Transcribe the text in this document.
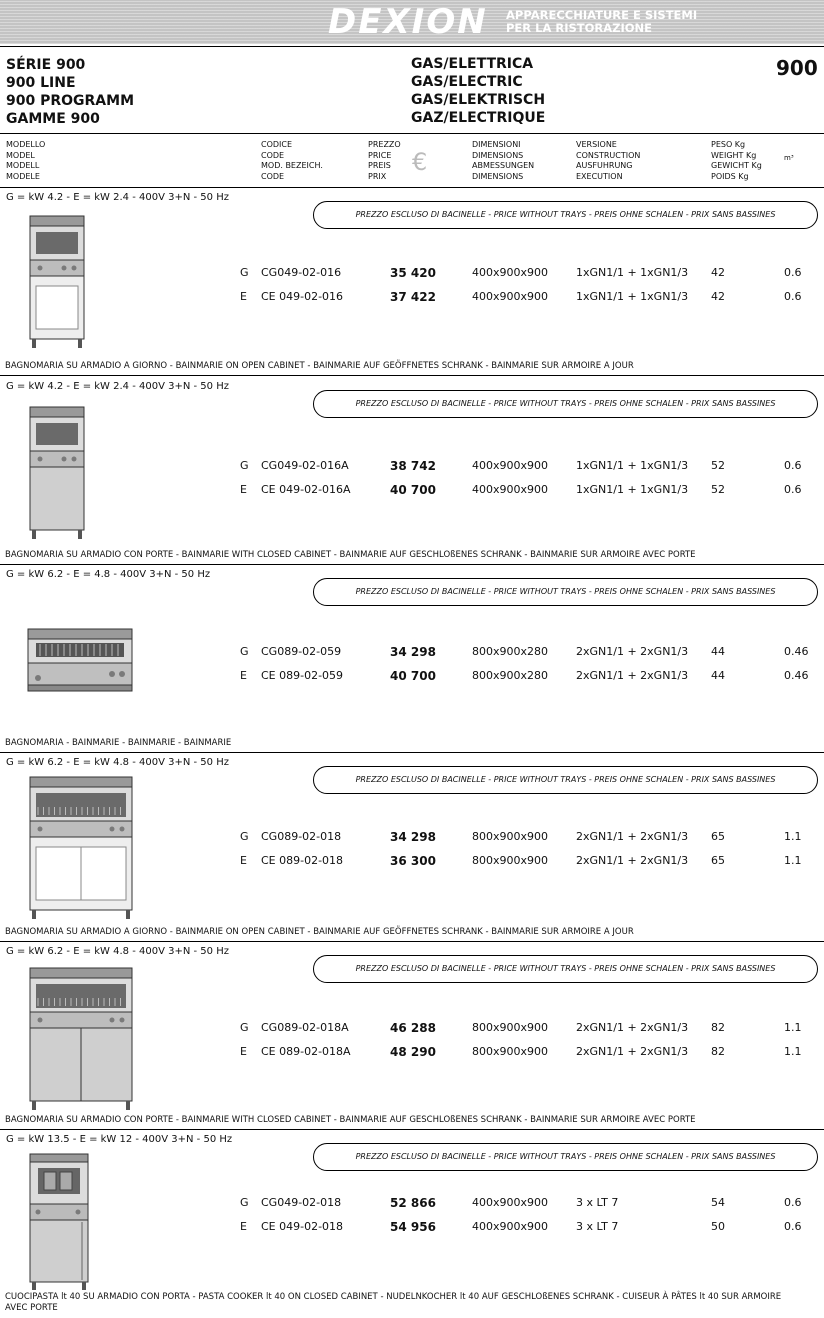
DEXION APPARECCHIATURE E SISTEMI
PER LA RISTORAZIONE
SÉRIE 900
900 LINE
900 PROGRAMM
GAMME 900
GAS/ELETTRICA
GAS/ELECTRIC
GAS/ELEKTRISCH
GAZ/ELECTRIQUE
900
MODELLO
MODEL
MODELL
MODELE
CODICE
CODE
MOD. BEZEICH.
CODE
PREZZO
PRICE
PREIS
PRIX	€
DIMENSIONI
DIMENSIONS
ABMESSUNGEN
DIMENSIONS
VERSIONE
CONSTRUCTION
AUSFUHRUNG
EXECUTION
PESO Kg
WEIGHT Kg
GEWICHT Kg
POIDS Kg
m³
G = kW 4.2 - E = kW 2.4 - 400V 3+N - 50 Hz
PREZZO ESCLUSO DI BACINELLE - PRICE WITHOUT TRAYS - PREIS OHNE SCHALEN - PRIX SANS BASSINES
G CG049-02-016	35 420	400x900x900	1xGN1/1 + 1xGN1/3 42	0.6
E CE 049-02-016	37 422	400x900x900	1xGN1/1 + 1xGN1/3 42	0.6
BAGNOMARIA SU ARMADIO A GIORNO - BAINMARIE ON OPEN CABINET - BAINMARIE AUF GEÖFFNETES SCHRANK - BAINMARIE SUR ARMOIRE A JOUR
G = kW 4.2 - E = kW 2.4 - 400V 3+N - 50 Hz
PREZZO ESCLUSO DI BACINELLE - PRICE WITHOUT TRAYS - PREIS OHNE SCHALEN - PRIX SANS BASSINES
G CG049-02-016A	38 742	400x900x900	1xGN1/1 + 1xGN1/3 52	0.6
E CE 049-02-016A	40 700	400x900x900	1xGN1/1 + 1xGN1/3 52	0.6
BAGNOMARIA SU ARMADIO CON PORTE - BAINMARIE WITH CLOSED CABINET - BAINMARIE AUF GESCHLOßENES SCHRANK - BAINMARIE SUR ARMOIRE AVEC PORTE
G = kW 6.2 - E = 4.8 - 400V 3+N - 50 Hz
PREZZO ESCLUSO DI BACINELLE - PRICE WITHOUT TRAYS - PREIS OHNE SCHALEN - PRIX SANS BASSINES
G CG089-02-059	34 298	800x900x280	2xGN1/1 + 2xGN1/3 44	0.46
E CE 089-02-059	40 700	800x900x280	2xGN1/1 + 2xGN1/3 44	0.46
BAGNOMARIA - BAINMARIE - BAINMARIE - BAINMARIE
G = kW 6.2 - E = kW 4.8 - 400V 3+N - 50 Hz
PREZZO ESCLUSO DI BACINELLE - PRICE WITHOUT TRAYS - PREIS OHNE SCHALEN - PRIX SANS BASSINES
G CG089-02-018	34 298	800x900x900	2xGN1/1 + 2xGN1/3 65	1.1
E CE 089-02-018	36 300	800x900x900	2xGN1/1 + 2xGN1/3 65	1.1
BAGNOMARIA SU ARMADIO A GIORNO - BAINMARIE ON OPEN CABINET - BAINMARIE AUF GEÖFFNETES SCHRANK - BAINMARIE SUR ARMOIRE A JOUR
G = kW 6.2 - E = kW 4.8 - 400V 3+N - 50 Hz
PREZZO ESCLUSO DI BACINELLE - PRICE WITHOUT TRAYS - PREIS OHNE SCHALEN - PRIX SANS BASSINES
G CG089-02-018A	46 288	800x900x900	2xGN1/1 + 2xGN1/3 82	1.1
E CE 089-02-018A	48 290	800x900x900	2xGN1/1 + 2xGN1/3 82	1.1
BAGNOMARIA SU ARMADIO CON PORTE - BAINMARIE WITH CLOSED CABINET - BAINMARIE AUF GESCHLOßENES SCHRANK - BAINMARIE SUR ARMOIRE AVEC PORTE
G = kW 13.5 - E = kW 12 - 400V 3+N - 50 Hz
PREZZO ESCLUSO DI BACINELLE - PRICE WITHOUT TRAYS - PREIS OHNE SCHALEN - PRIX SANS BASSINES
G CG049-02-018	52 866	400x900x900	3 x LT 7	54	0.6
E CE 049-02-018	54 956	400x900x900	3 x LT 7	50	0.6
CUOCIPASTA lt 40 SU ARMADIO CON PORTA - PASTA COOKER lt 40 ON CLOSED CABINET - NUDELNKOCHER lt 40 AUF GESCHLOßENES SCHRANK - CUISEUR À PÂTES lt 40 SUR ARMOIRE AVEC PORTE
